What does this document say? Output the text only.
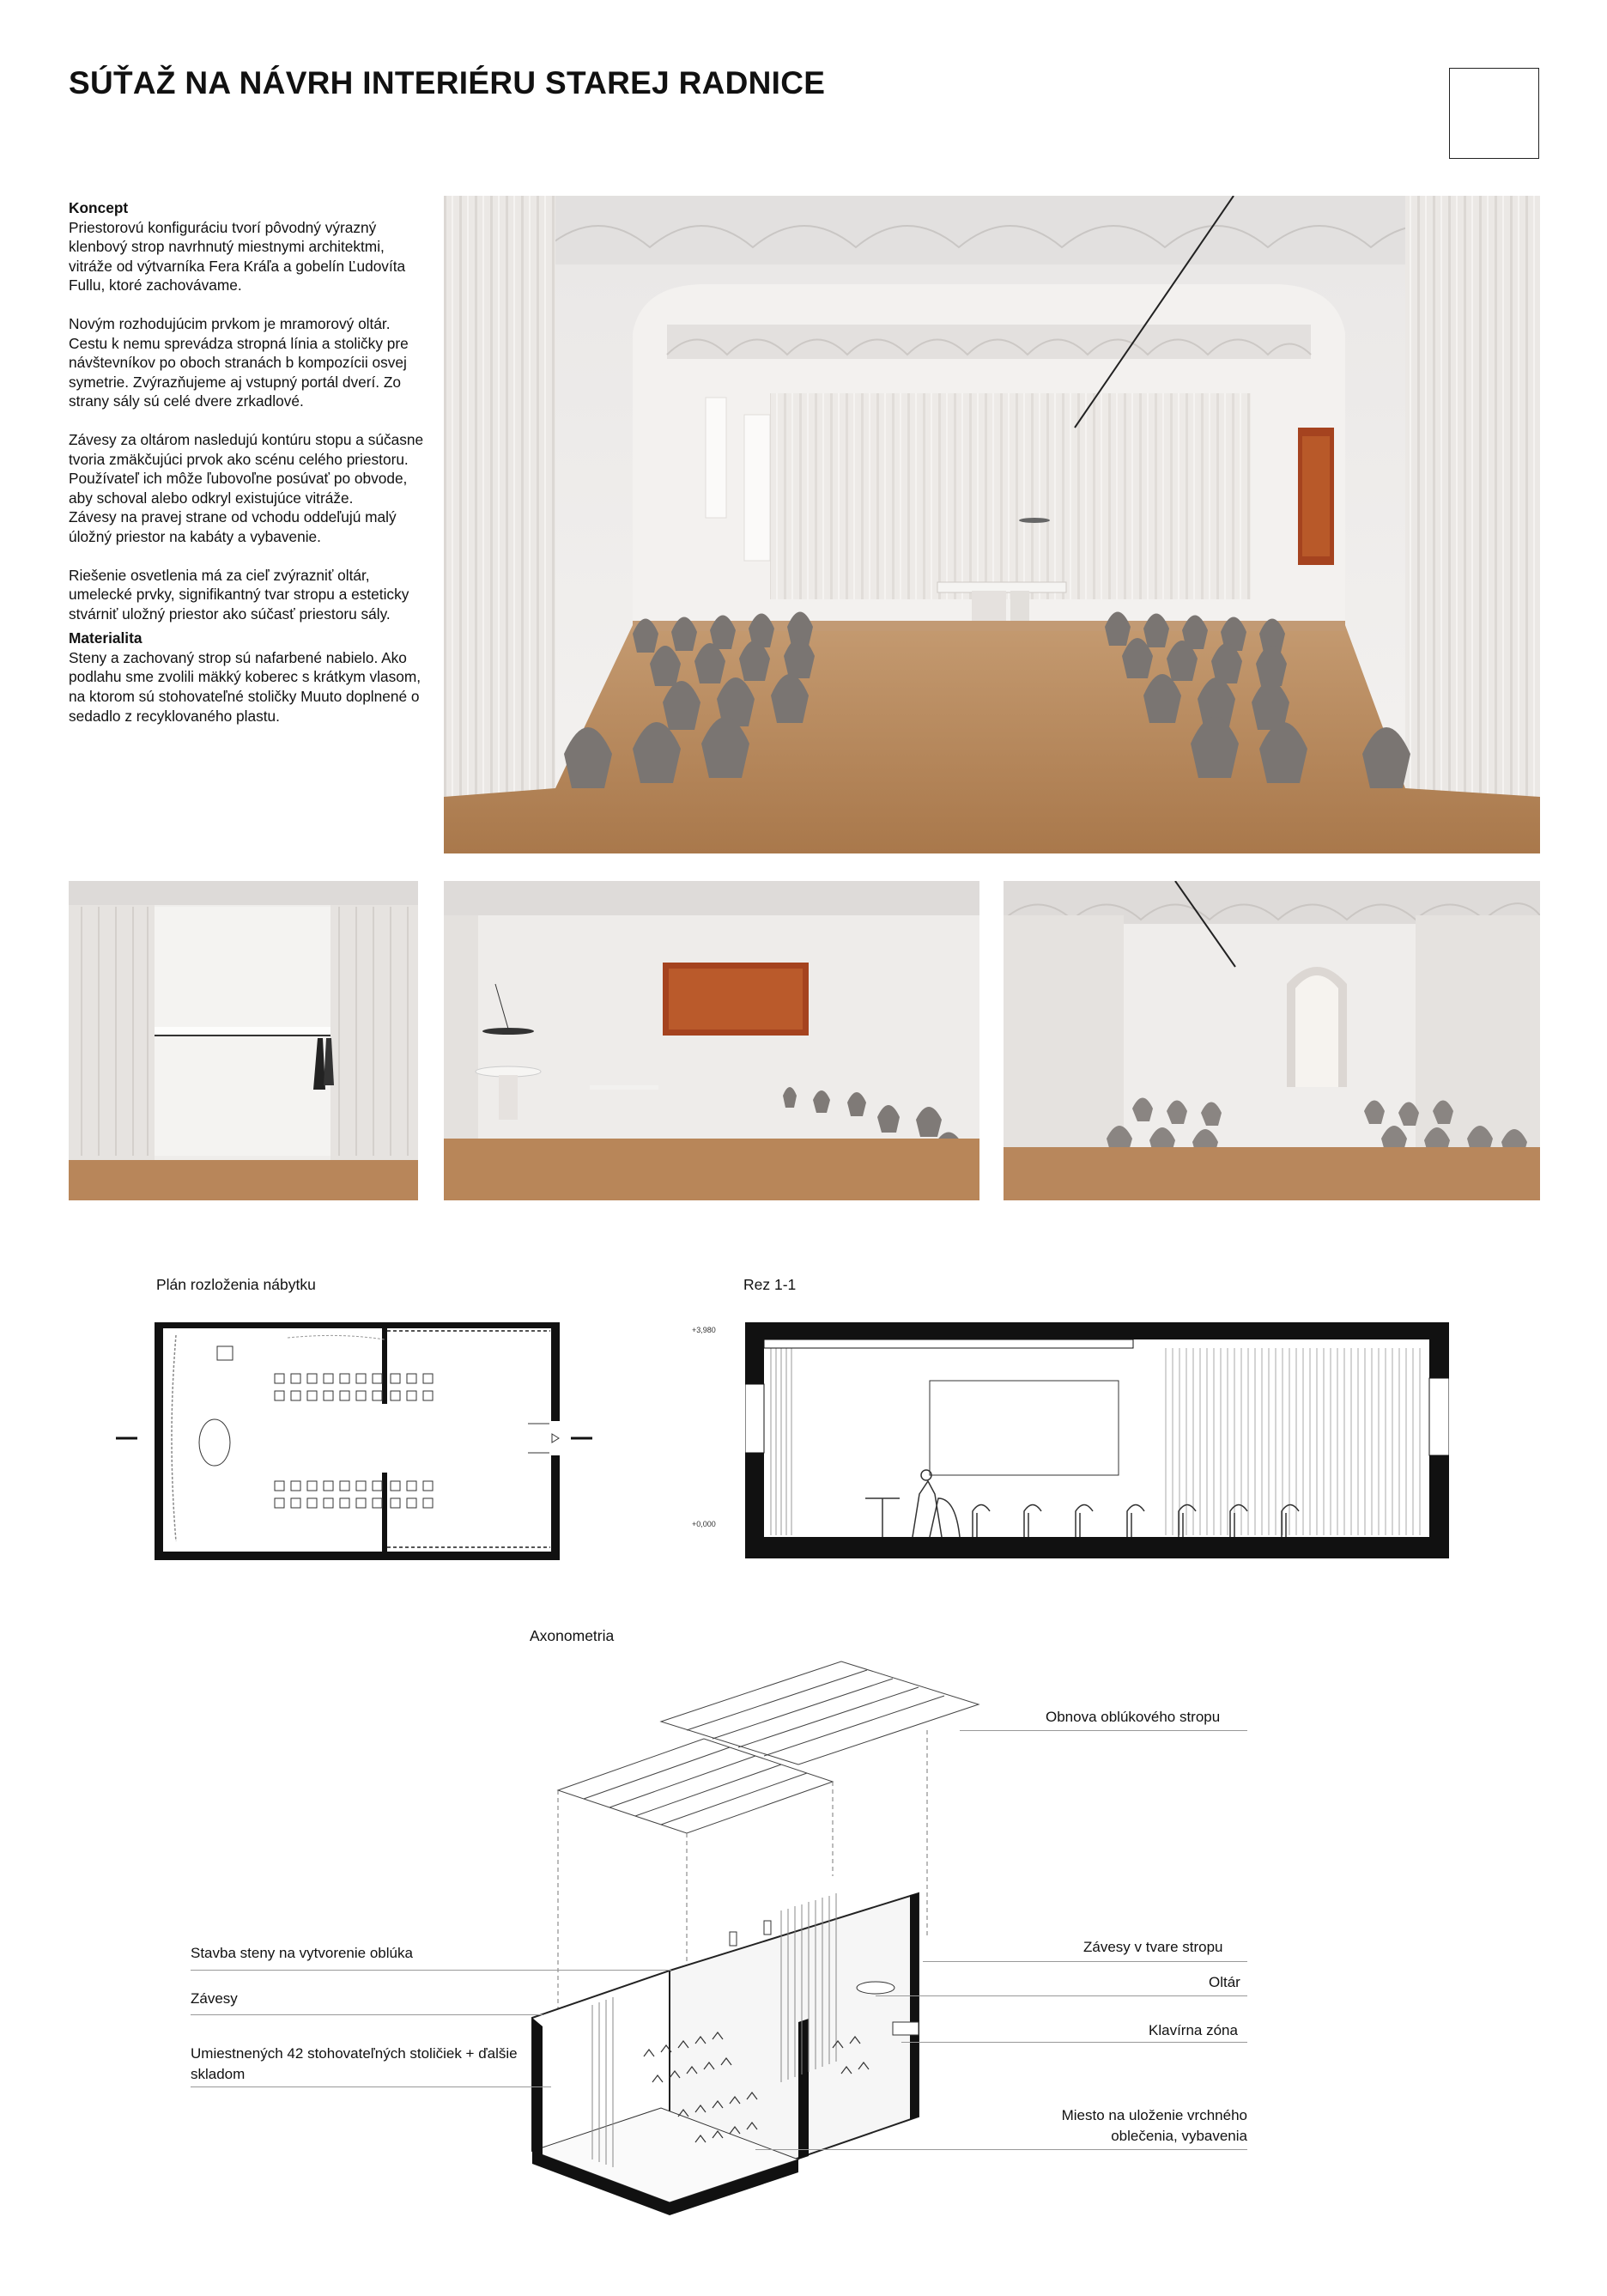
SÚŤAŽ NA NÁVRH INTERIÉRU STAREJ RADNICE
Koncept

Priestorovú konfiguráciu tvorí pôvodný výrazný klenbový strop navrhnutý miestnymi architektmi, vitráže od výtvarníka Fera Kráľa a gobelín Ľudovíta Fullu, ktoré zachovávame.

Novým rozhodujúcim prvkom je mramorový oltár. Cestu k nemu sprevádza stropná línia a stoličky pre návštevníkov po oboch stranách b kompozícii osvej symetrie. Zvýrazňujeme aj vstupný portál dverí. Zo strany sály sú celé dvere zrkadlové.

Závesy za oltárom nasledujú kontúru stopu a súčasne tvoria zmäkčujúci prvok ako scénu celého priestoru. Používateľ ich môže ľubovoľne posúvať po obvode, aby schoval alebo odkryl existujúce vitráže.
Závesy na pravej strane od vchodu oddeľujú malý úložný priestor na kabáty a vybavenie.

Riešenie osvetlenia má za cieľ zvýrazniť oltár, umelecké prvky, signifikantný tvar stropu a esteticky stvárniť uložný priestor ako súčasť priestoru sály.

Materialita

Steny a zachovaný strop sú nafarbené nabielo. Ako podlahu sme zvolili mäkký koberec s krátkym vlasom, na ktorom sú stohovateľné stoličky Muuto doplnené o sedadlo z recyklovaného plastu.

Plán rozloženia nábytku	Rez 1-1
+3,980
+0,000
Axonometria
Stavba steny na vytvorenie oblúka
Závesy
Umiestnených 42 stohovateľných stoličiek + ďalšie skladom
Obnova oblúkového stropu
Závesy v tvare stropu
Oltár
Klavírna zóna
Miesto na uloženie vrchného oblečenia, vybavenia
